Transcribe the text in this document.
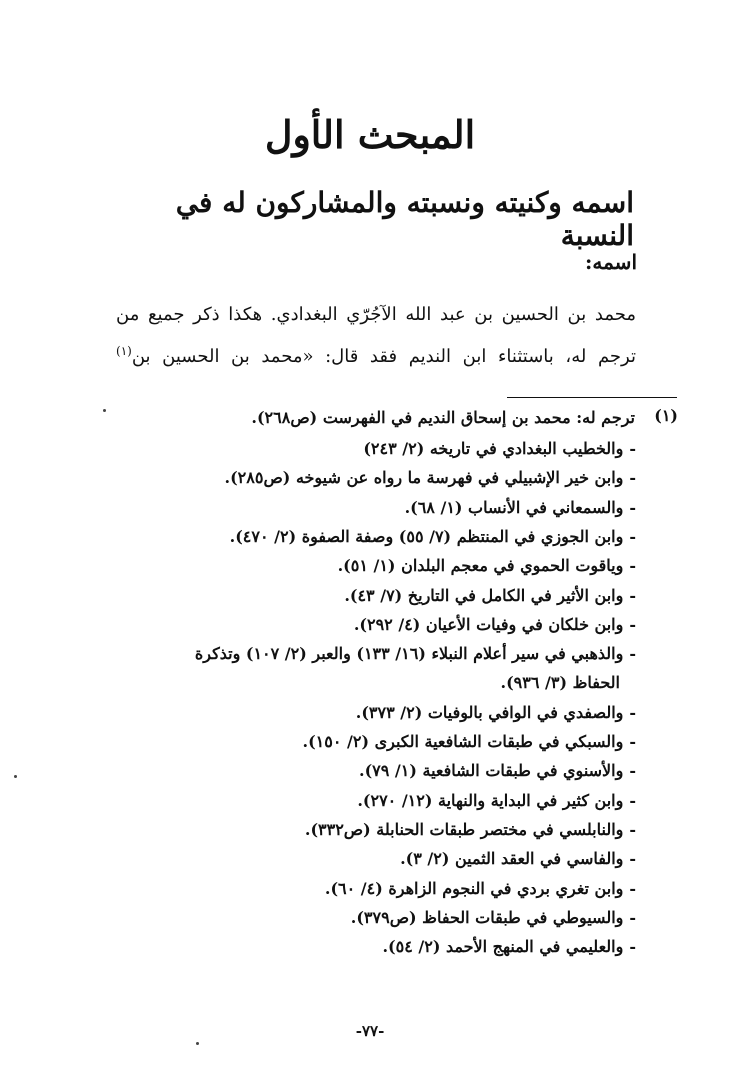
المبحث الأول
اسمه وكنيته ونسبته والمشاركون له في النسبة
اسمه:
محمد بن الحسين بن عبد الله الآجُرّي البغدادي. هكذا ذكر جميع من
ترجم له، باستثناء ابن النديم فقد قال: «محمد بن الحسين بن$^{(١)}$
(١)
ترجم له: محمد بن إسحاق النديم في الفهرست (ص٢٦٨).
-والخطيب البغدادي في تاريخه (٢/ ٢٤٣)
-وابن خير الإشبيلي في فهرسة ما رواه عن شيوخه (ص٢٨٥).
-والسمعاني في الأنساب (١/ ٦٨).
-وابن الجوزي في المنتظم (٧/ ٥٥) وصفة الصفوة (٢/ ٤٧٠).
-وياقوت الحموي في معجم البلدان (١/ ٥١).
-وابن الأثير في الكامل في التاريخ (٧/ ٤٣).
-وابن خلكان في وفيات الأعيان (٤/ ٢٩٢).
-والذهبي في سير أعلام النبلاء (١٦/ ١٣٣) والعبر (٢/ ١٠٧) وتذكرة
الحفاظ (٣/ ٩٣٦).
-والصفدي في الوافي بالوفيات (٢/ ٣٧٣).
-والسبكي في طبقات الشافعية الكبرى (٢/ ١٥٠).
-والأسنوي في طبقات الشافعية (١/ ٧٩).
-وابن كثير في البداية والنهاية (١٢/ ٢٧٠).
-والنابلسي في مختصر طبقات الحنابلة (ص٣٣٢).
-والفاسي في العقد الثمين (٢/ ٣).
-وابن تغري بردي في النجوم الزاهرة (٤/ ٦٠).
-والسيوطي في طبقات الحفاظ (ص٣٧٩).
-والعليمي في المنهج الأحمد (٢/ ٥٤).
-٧٧-
